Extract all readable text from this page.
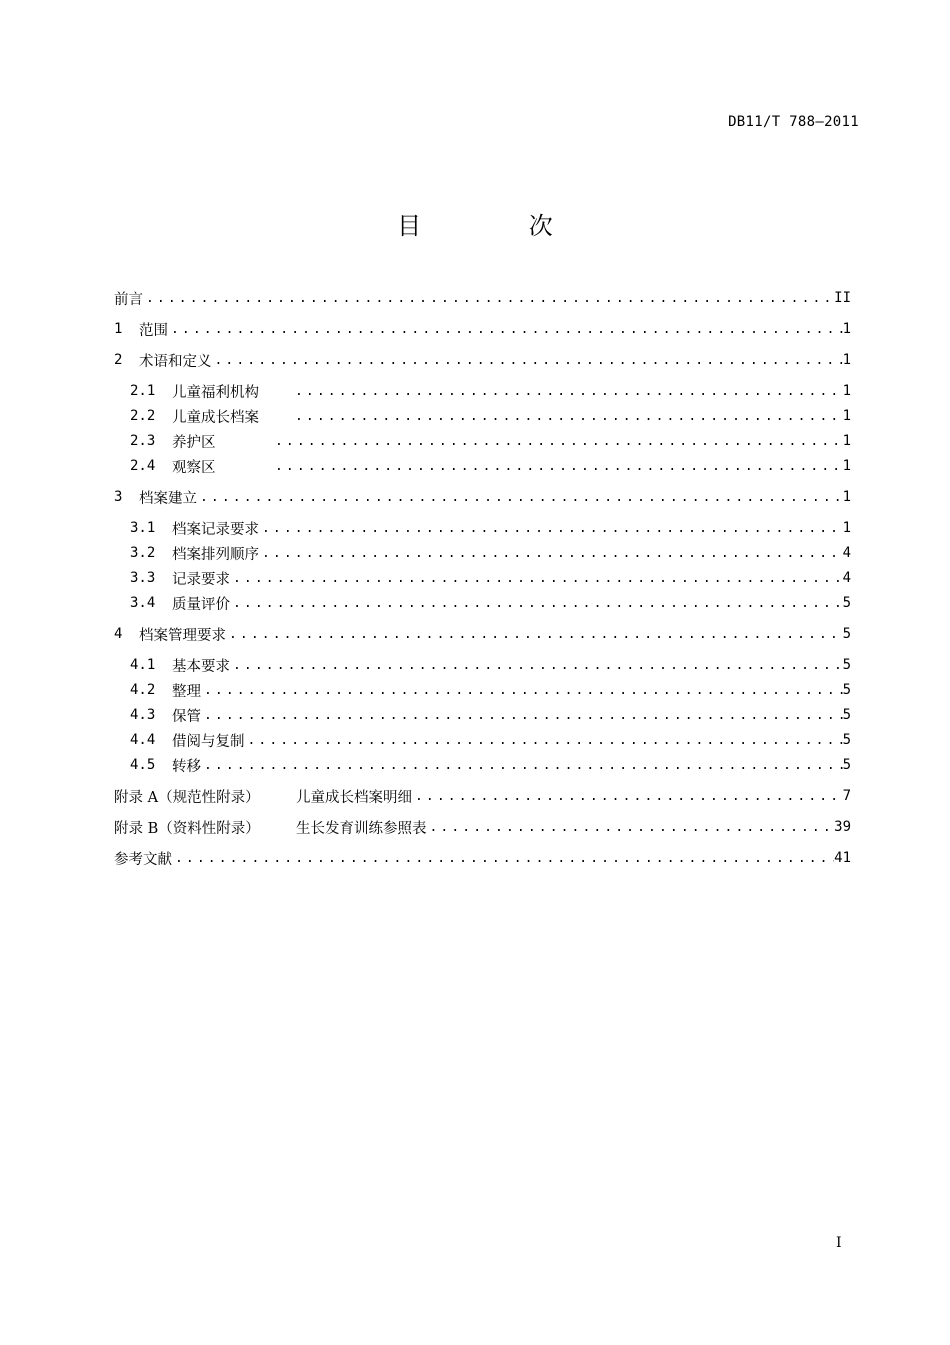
DB11/T 788—2011
目 次
前言 .....	II
1	范围 .....	1
2	术语和定义 .....	1
2.1	儿童福利机构 .....	1
2.2	儿童成长档案 .....	1
2.3	养护区 .....	1
2.4	观察区 .....	1
3	档案建立 .....	1
3.1	档案记录要求 .....	1
3.2	档案排列顺序 .....	4
3.3	记录要求 .....	4
3.4	质量评价 .....	5
4	档案管理要求 .....	5
4.1	基本要求 .....	5
4.2	整理 .....	5
4.3	保管 .....	5
4.4	借阅与复制 .....	5
4.5	转移 .....	5
附录 A（规范性附录）	儿童成长档案明细 .....	7
附录 B（资料性附录）	生长发育训练参照表 .....	39
参考文献 .....	41
I
